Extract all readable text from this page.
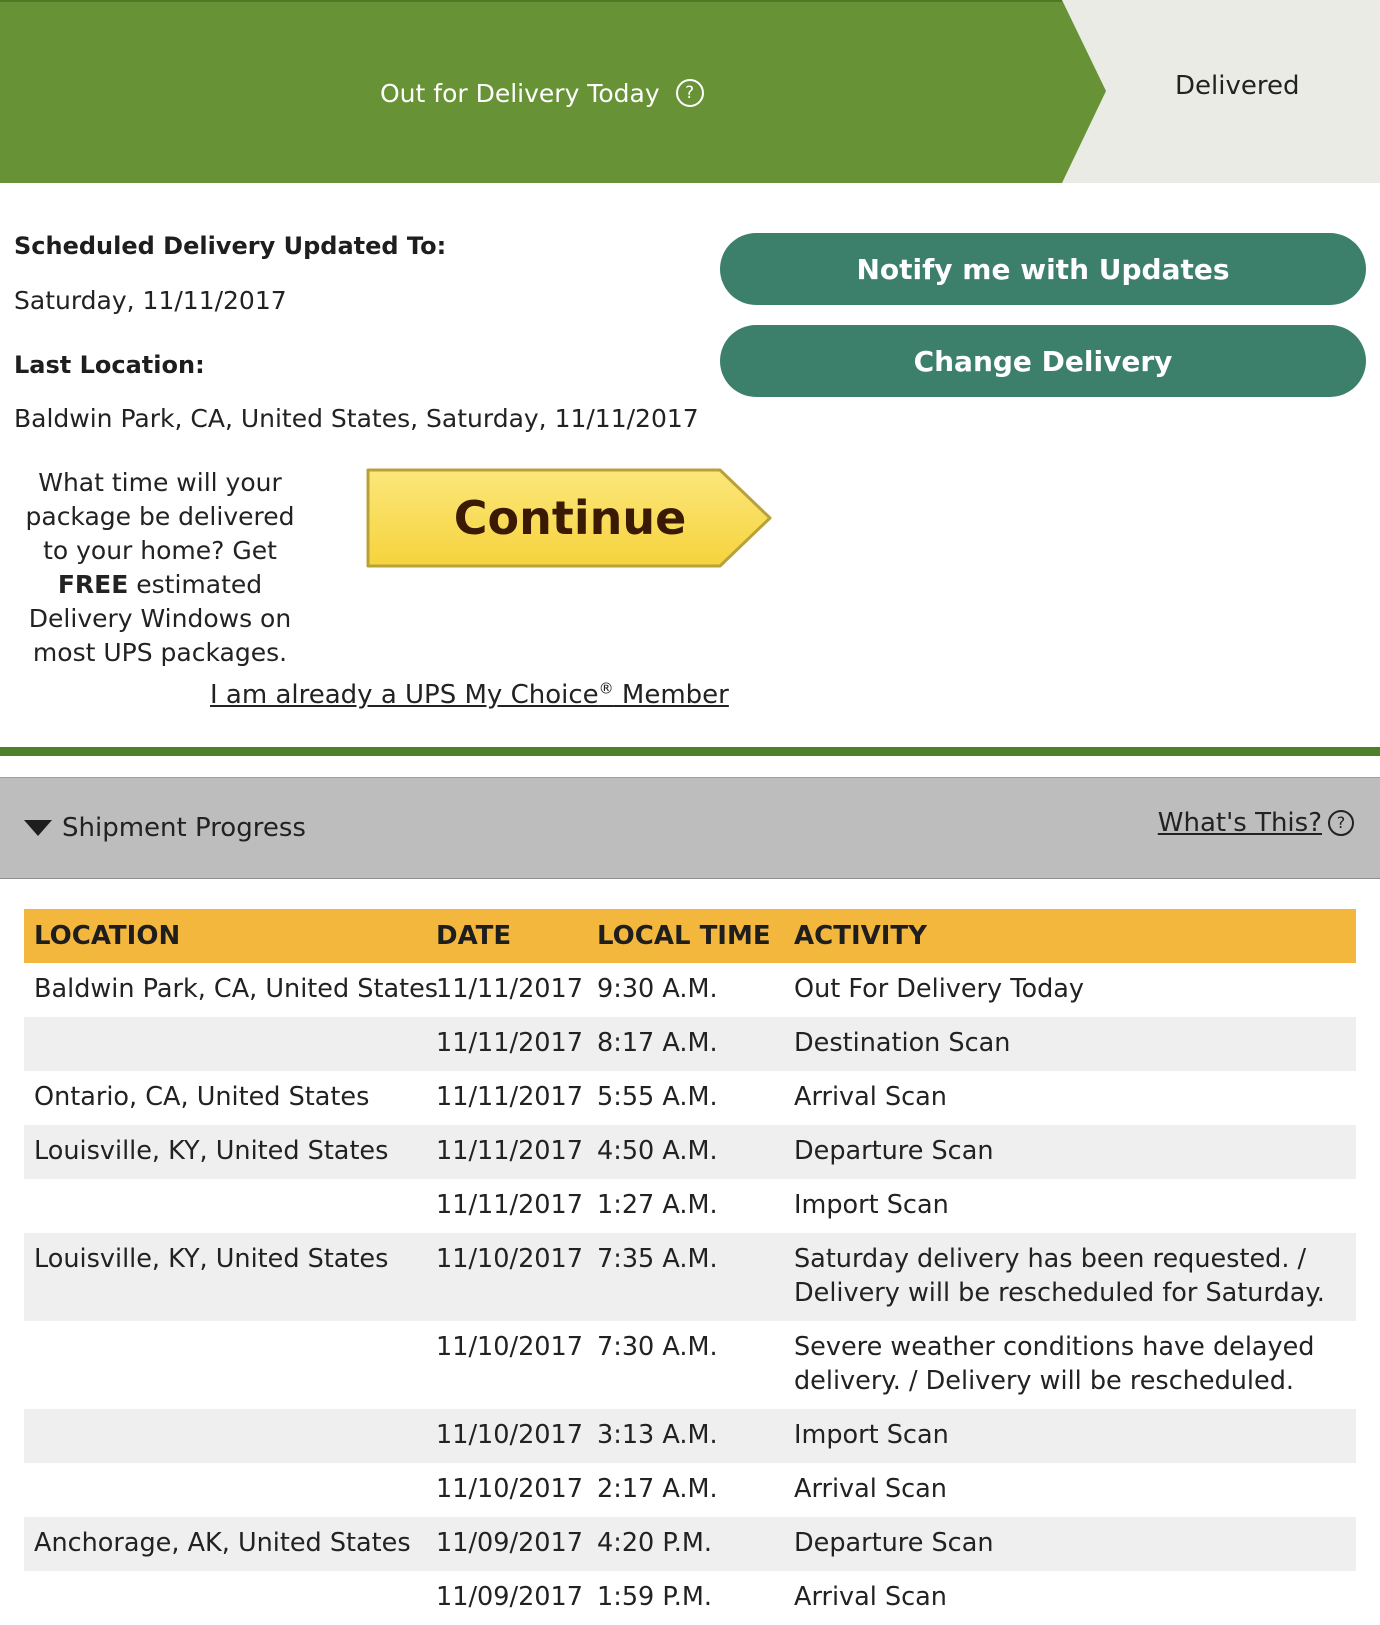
Out for Delivery Today	?	Delivered
Scheduled Delivery Updated To:
Saturday, 11/11/2017
Last Location:
Baldwin Park, CA, United States, Saturday, 11/11/2017
Notify me with Updates
Change Delivery
What time will your package be delivered to your home? Get FREE estimated Delivery Windows on most UPS packages.
Continue
I am already a UPS My Choice® Member
Shipment Progress	What's This? ?
LOCATION	DATE	LOCAL TIME	ACTIVITY
Baldwin Park, CA, United States	11/11/2017	9:30 A.M.	Out For Delivery Today
	11/11/2017	8:17 A.M.	Destination Scan
Ontario, CA, United States	11/11/2017	5:55 A.M.	Arrival Scan
Louisville, KY, United States	11/11/2017	4:50 A.M.	Departure Scan
	11/11/2017	1:27 A.M.	Import Scan
Louisville, KY, United States	11/10/2017	7:35 A.M.	Saturday delivery has been requested. / Delivery will be rescheduled for Saturday.
	11/10/2017	7:30 A.M.	Severe weather conditions have delayed delivery. / Delivery will be rescheduled.
	11/10/2017	3:13 A.M.	Import Scan
	11/10/2017	2:17 A.M.	Arrival Scan
Anchorage, AK, United States	11/09/2017	4:20 P.M.	Departure Scan
	11/09/2017	1:59 P.M.	Arrival Scan
